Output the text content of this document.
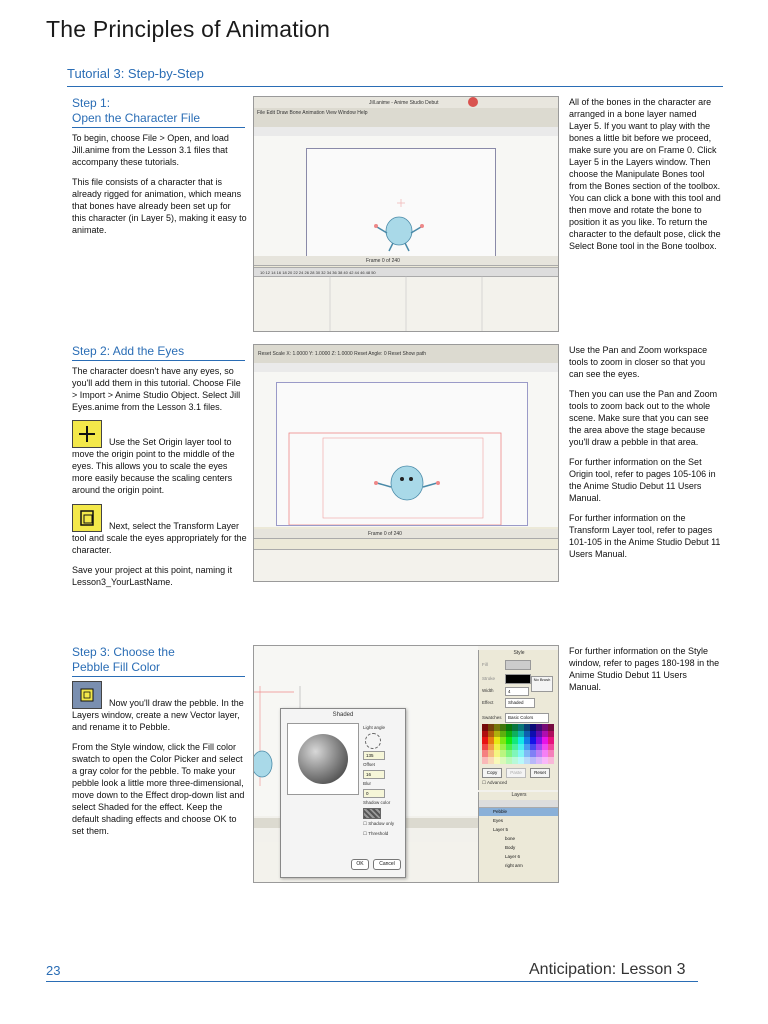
The Principles of Animation
Tutorial 3: Step-by-Step
Step 1:
Open the Character File

To begin, choose File > Open, and load Jill.anime from the Lesson 3.1 files that accompany these tutorials.

This file consists of a character that is already rigged for animation, which means that bones have already been set up for this character (in Layer 5), making it easy to animate.

Jill.anime - Anime Studio Debut
File Edit Draw Bone Animation View Window Help
Frame 0 of 240
10 12 14 16 18 20 22 24 26 28 30 32 34 36 38 40 42 44 46 48 50

All of the bones in the character are arranged in a bone layer named Layer 5. If you want to play with the bones a little bit before we proceed, make sure you are on Frame 0. Click Layer 5 in the Layers window. Then choose the Manipulate Bones tool from the Bones section of the toolbox. You can click a bone with this tool and then move and rotate the bone to position it as you like. To return the character to the default pose, click the Select Bone tool in the Bone toolbox.

Step 2: Add the Eyes

The character doesn't have any eyes, so you'll add them in this tutorial. Choose File > Import > Anime Studio Object. Select Jill Eyes.anime from the Lesson 3.1 files.

Use the Set Origin layer tool to move the origin point to the middle of the eyes. This allows you to scale the eyes more easily because the scaling centers around the origin point.

Next, select the Transform Layer tool and scale the eyes appropriately for the character.

Save your project at this point, naming it Lesson3_YourLastName.

Reset Scale X: 1.0000 Y: 1.0000 Z: 1.0000 Reset Angle: 0 Reset Show path
Frame 0 of 240

Use the Pan and Zoom workspace tools to zoom in closer so that you can see the eyes.

Then you can use the Pan and Zoom tools to zoom back out to the whole scene. Make sure that you can see the area above the stage because you'll draw a pebble in that area.

For further information on the Set Origin tool, refer to pages 105-106 in the Anime Studio Debut 11 Users Manual.

For further information on the Transform Layer tool, refer to pages 101-105 in the Anime Studio Debut 11 Users Manual.

Step 3: Choose the
Pebble Fill Color

Now you'll draw the pebble. In the Layers window, create a new Vector layer, and rename it to Pebble.

From the Style window, click the Fill color swatch to open the Color Picker and select a gray color for the pebble. To make your pebble look a little more three-dimensional, move down to the Effect drop-down list and select Shaded for the effect. Keep the default shading effects and choose OK to set them.

Shaded
Light angle
135
Offset
16
Blur
0
Shadow color
☐ Shadow only
☐ Threshold
OK	Cancel
Style
Fill
Stroke	No Brush
Width	4
Effect	Shaded
Swatches	Basic Colors
Copy	Paste	Reset
☐ Advanced
Layers
Pebble
Eyes
Layer 5
bone
Body
Layer 6
right arm

For further information on the Style window, refer to pages 180-198 in the Anime Studio Debut 11 Users Manual.

23	Anticipation: Lesson 3
